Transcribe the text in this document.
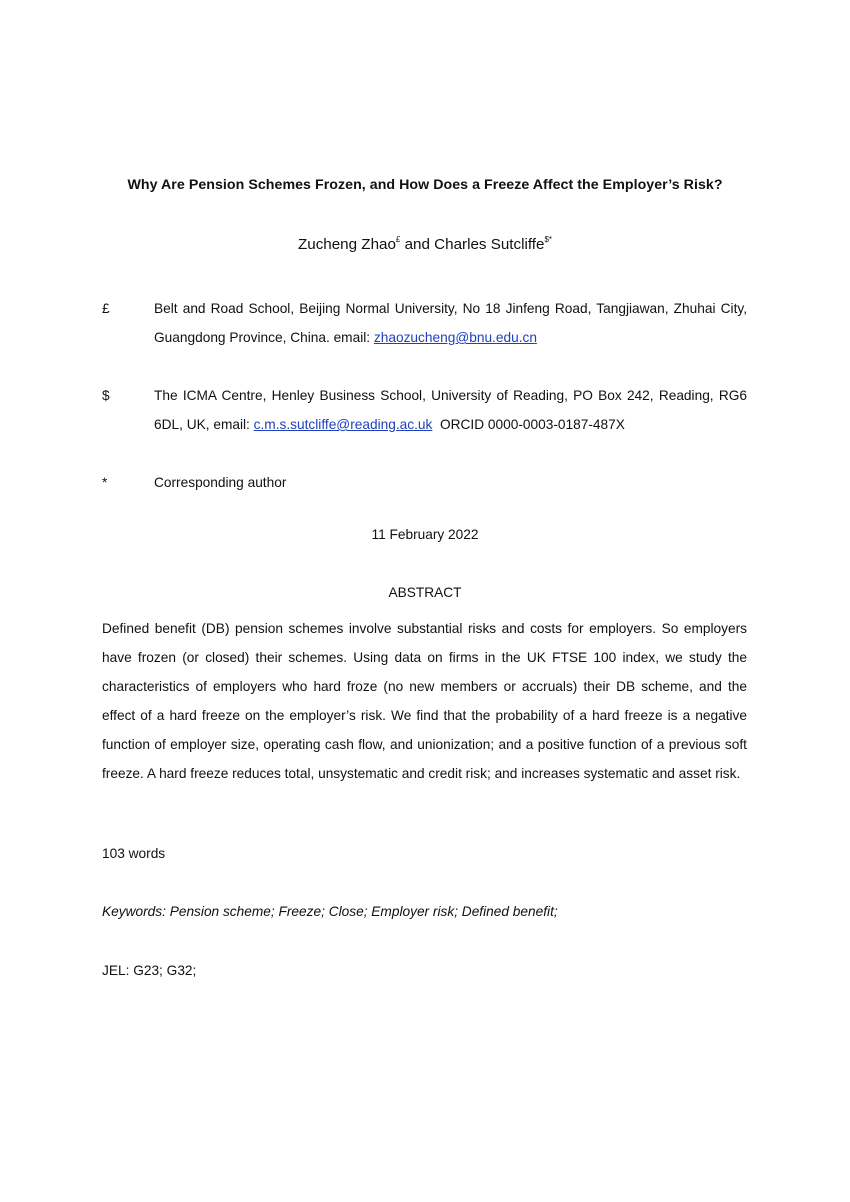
Why Are Pension Schemes Frozen, and How Does a Freeze Affect the Employer’s Risk?
Zucheng Zhao£ and Charles Sutcliffe$*
£	Belt and Road School, Beijing Normal University, No 18 Jinfeng Road, Tangjiawan, Zhuhai City, Guangdong Province, China. email: zhaozucheng@bnu.edu.cn
$	The ICMA Centre, Henley Business School, University of Reading, PO Box 242, Reading, RG6 6DL, UK, email: c.m.s.sutcliffe@reading.ac.uk  ORCID 0000-0003-0187-487X
*	Corresponding author
11 February 2022
ABSTRACT
Defined benefit (DB) pension schemes involve substantial risks and costs for employers. So employers have frozen (or closed) their schemes. Using data on firms in the UK FTSE 100 index, we study the characteristics of employers who hard froze (no new members or accruals) their DB scheme, and the effect of a hard freeze on the employer’s risk. We find that the probability of a hard freeze is a negative function of employer size, operating cash flow, and unionization; and a positive function of a previous soft freeze. A hard freeze reduces total, unsystematic and credit risk; and increases systematic and asset risk.
103 words
Keywords: Pension scheme; Freeze; Close; Employer risk; Defined benefit;
JEL: G23; G32;
